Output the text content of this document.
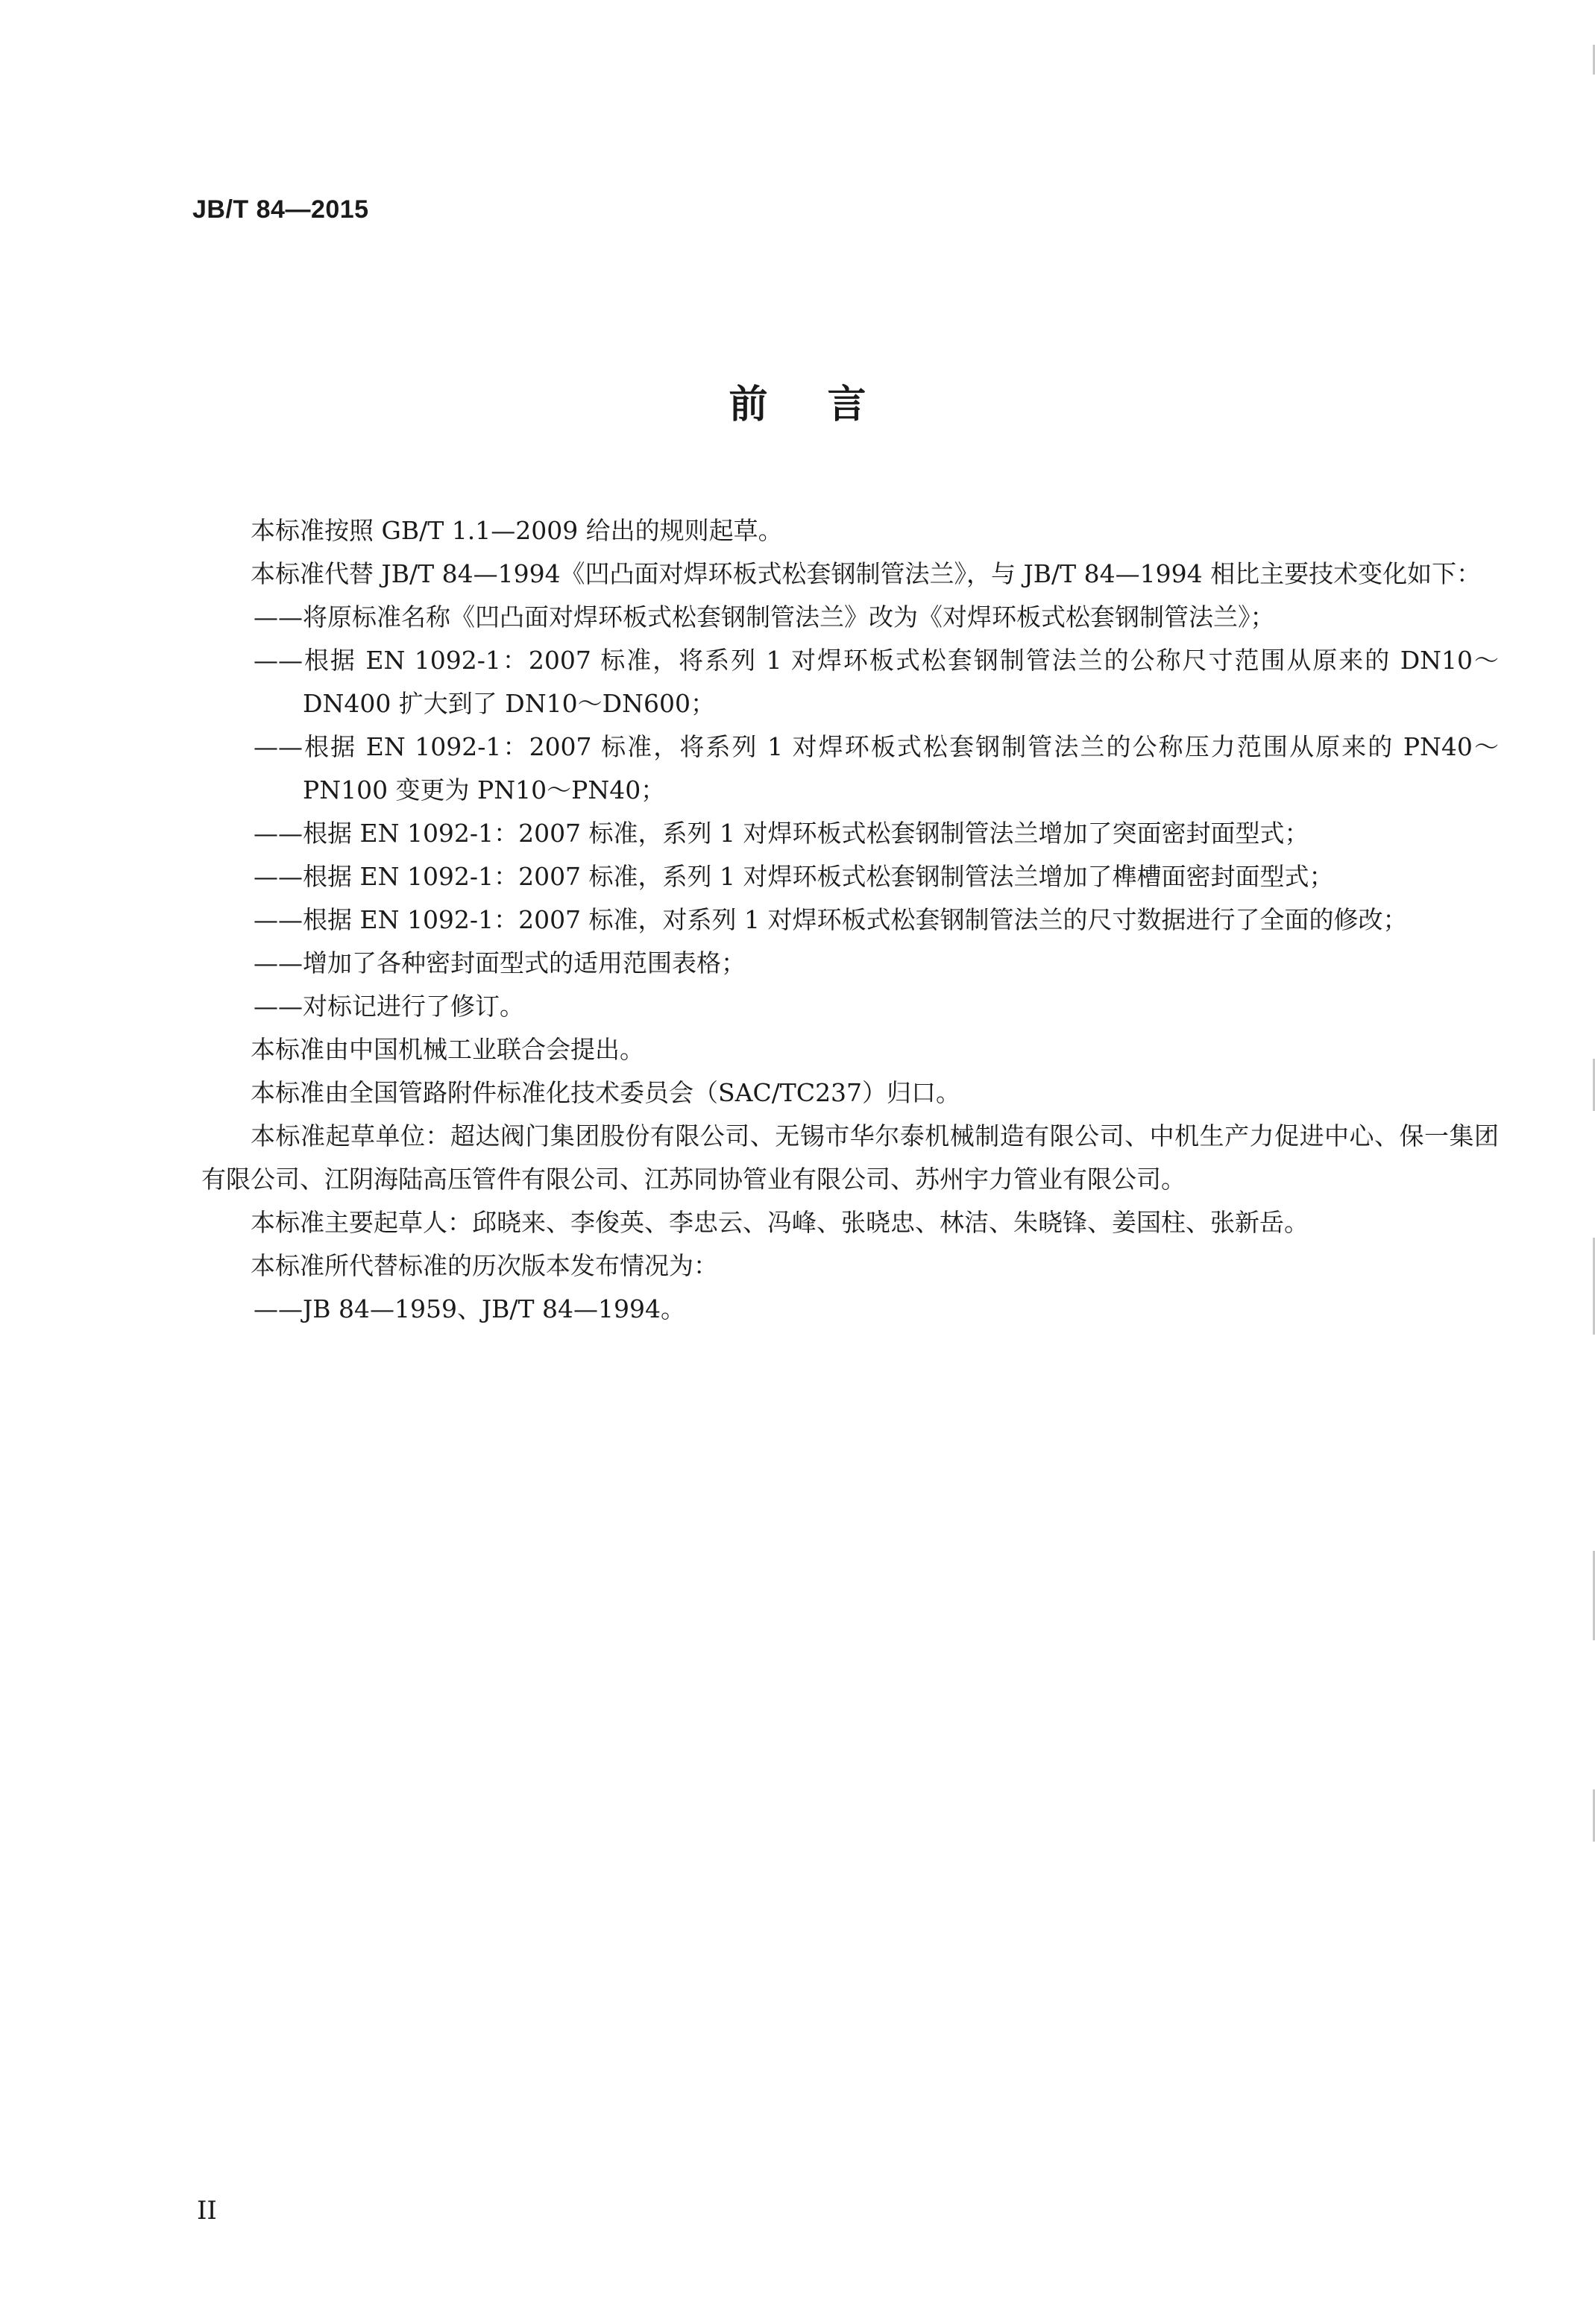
JB/T 84—2015
前言

本标准按照 GB/T 1.1—2009 给出的规则起草。

本标准代替 JB/T 84—1994《凹凸面对焊环板式松套钢制管法兰》，与 JB/T 84—1994 相比主要技术变化如下：

—— 将原标准名称《凹凸面对焊环板式松套钢制管法兰》改为《对焊环板式松套钢制管法兰》；

—— 根据 EN 1092-1：2007 标准，将系列 1 对焊环板式松套钢制管法兰的公称尺寸范围从原来的 DN10～DN400 扩大到了 DN10～DN600；

—— 根据 EN 1092-1：2007 标准，将系列 1 对焊环板式松套钢制管法兰的公称压力范围从原来的 PN40～PN100 变更为 PN10～PN40；

—— 根据 EN 1092-1：2007 标准，系列 1 对焊环板式松套钢制管法兰增加了突面密封面型式；

—— 根据 EN 1092-1：2007 标准，系列 1 对焊环板式松套钢制管法兰增加了榫槽面密封面型式；

—— 根据 EN 1092-1：2007 标准，对系列 1 对焊环板式松套钢制管法兰的尺寸数据进行了全面的修改；

—— 增加了各种密封面型式的适用范围表格；

—— 对标记进行了修订。

本标准由中国机械工业联合会提出。

本标准由全国管路附件标准化技术委员会（SAC/TC237）归口。

本标准起草单位：超达阀门集团股份有限公司、无锡市华尔泰机械制造有限公司、中机生产力促进中心、保一集团有限公司、江阴海陆高压管件有限公司、江苏同协管业有限公司、苏州宇力管业有限公司。

本标准主要起草人：邱晓来、李俊英、李忠云、冯峰、张晓忠、林洁、朱晓锋、姜国柱、张新岳。

本标准所代替标准的历次版本发布情况为：

—— JB 84—1959、JB/T 84—1994。

II
